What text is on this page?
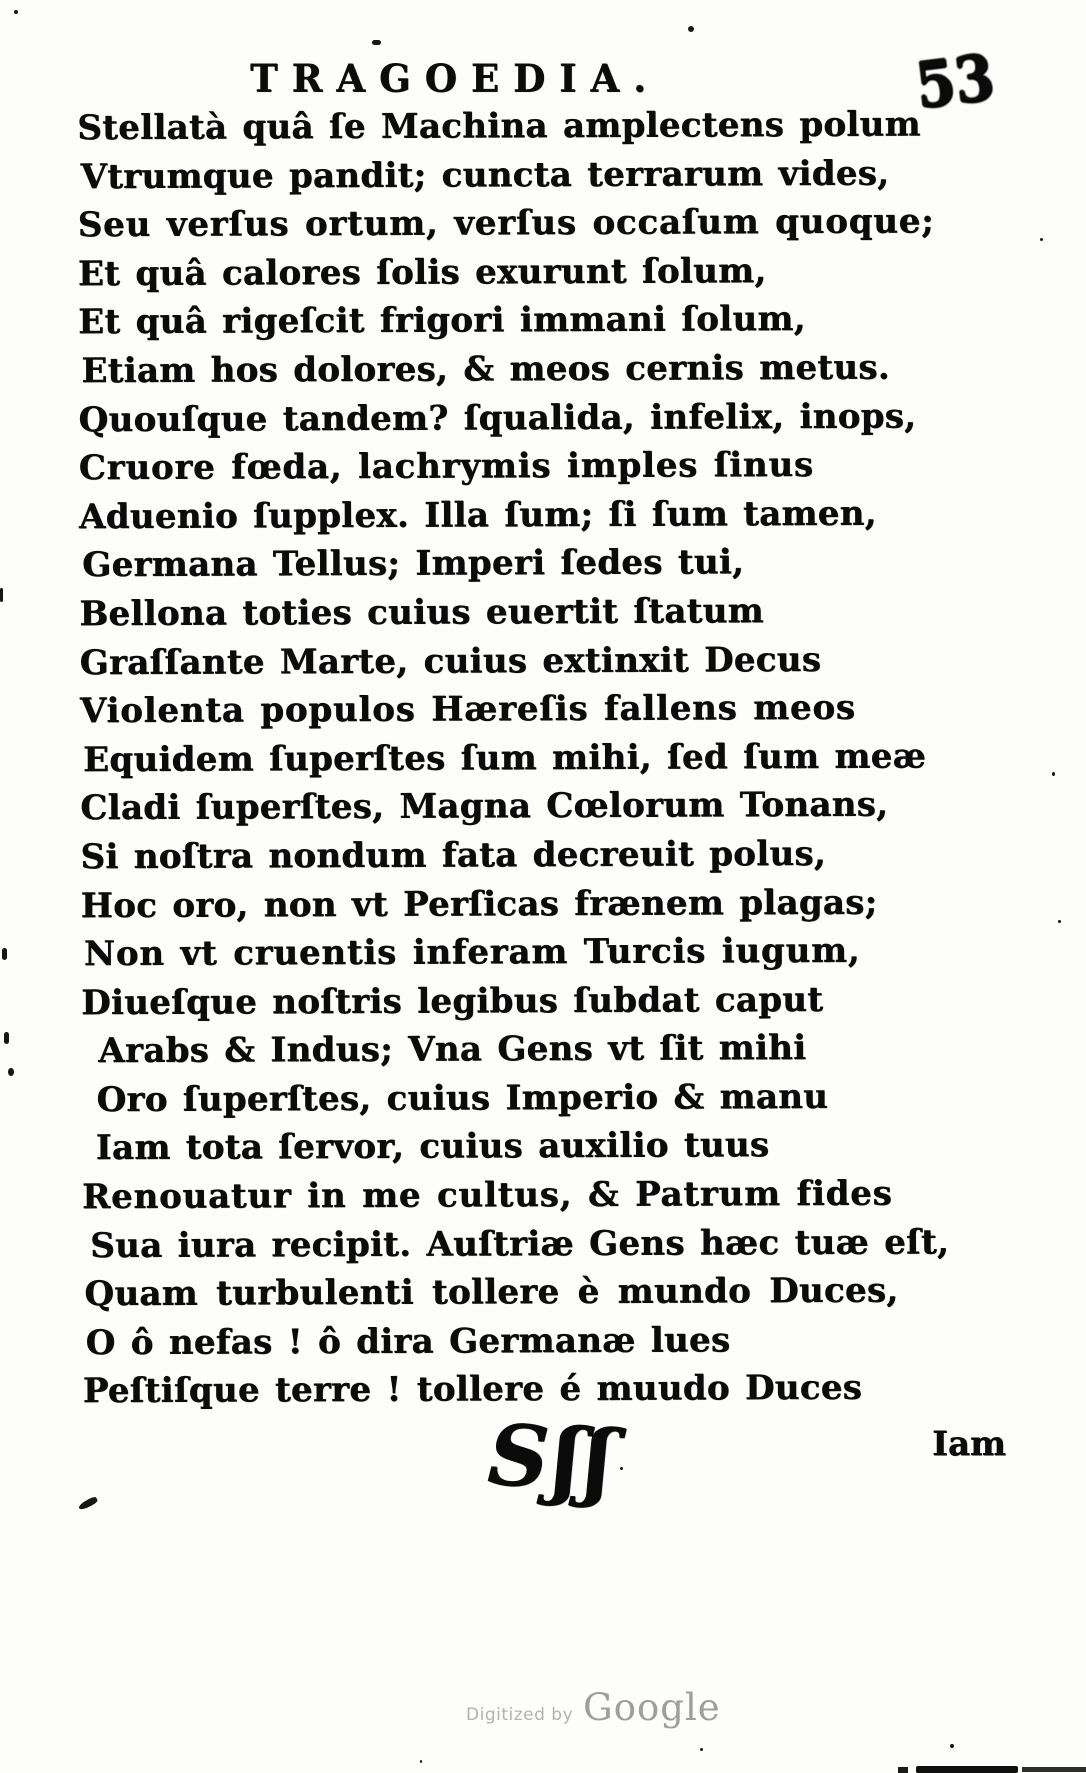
TRAGOEDIA.	53
Stellatà quâ ſe Machina amplectens polum
Vtrumque pandit; cuncta terrarum vides,
Seu verſus ortum, verſus occaſum quoque;
Et quâ calores ſolis exurunt ſolum,
Et quâ rigeſcit frigori immani ſolum,
Etiam hos dolores, & meos cernis metus.
Quouſque tandem? ſqualida, infelix, inops,
Cruore fœda, lachrymis imples ſinus
Aduenio ſupplex. Illa ſum; ſi ſum tamen,
Germana Tellus; Imperi ſedes tui,
Bellona toties cuius euertit ſtatum
Graſſante Marte, cuius extinxit Decus
Violenta populos Hæreſis fallens meos
Equidem ſuperſtes ſum mihi, ſed ſum meæ
Cladi ſuperſtes, Magna Cœlorum Tonans,
Si noſtra nondum fata decreuit polus,
Hoc oro, non vt Perſicas frænem plagas;
Non vt cruentis inferam Turcis iugum,
Diueſque noſtris legibus ſubdat caput
Arabs & Indus; Vna Gens vt ſit mihi
Oro ſuperſtes, cuius Imperio & manu
Iam tota ſervor, cuius auxilio tuus
Renouatur in me cultus, & Patrum fides
Sua iura recipit. Auſtriæ Gens hæc tuæ eſt,
Quam turbulenti tollere è mundo Duces,
O ô nefas ! ô dira Germanæ lues
Peſtiſque terre ! tollere é muudo Duces
Sʃʃ	Iam
Digitized by Google
